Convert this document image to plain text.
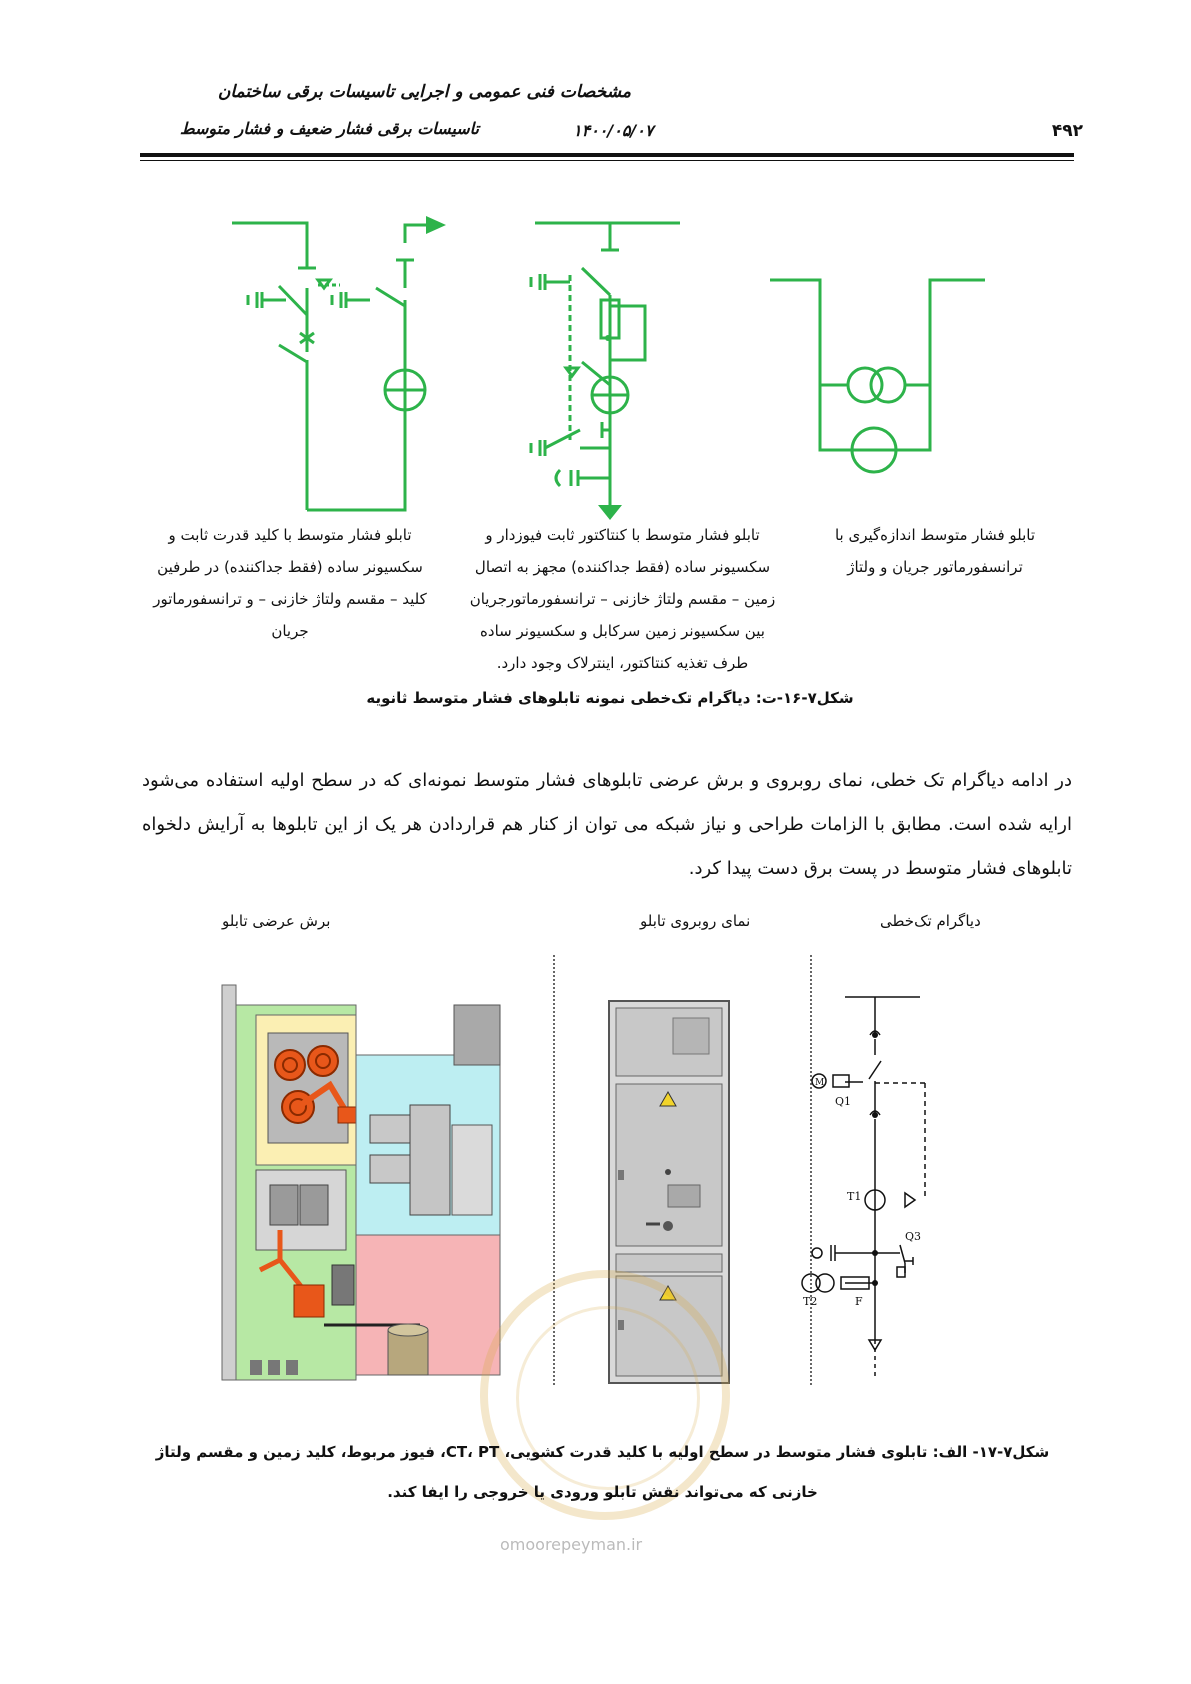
مشخصات فنی عمومی و اجرایی تاسیسات برقی ساختمان
تاسیسات برقی فشار ضعیف و فشار متوسط	۱۴۰۰/۰۵/۰۷	۴۹۲
تابلو فشار متوسط با کلید قدرت ثابت و
سکسیونر ساده (فقط جداکننده) در طرفین
کلید – مقسم ولتاژ خازنی – و ترانسفورماتور
جریان
تابلو فشار متوسط با کنتاکتور ثابت فیوزدار و
سکسیونر ساده (فقط جداکننده) مجهز به اتصال
زمین – مقسم ولتاژ خازنی – ترانسفورماتورجریان
بین سکسیونر زمین سرکابل و سکسیونر ساده
طرف تغذیه کنتاکتور، اینترلاک وجود دارد.
تابلو فشار متوسط اندازه‌گیری با
ترانسفورماتور جریان و ولتاژ
شکل۷-۱۶-ت: دیاگرام تک‌خطی نمونه تابلوهای فشار متوسط ثانویه
در ادامه دیاگرام تک خطی، نمای روبروی و برش عرضی تابلوهای فشار متوسط نمونه‌ای که در سطح اولیه استفاده می‌شود ارایه شده است. مطابق با الزامات طراحی و نیاز شبکه می توان از کنار هم قراردادن هر یک از این تابلوها به آرایش دلخواه تابلوهای فشار متوسط در پست برق دست پیدا کرد.
برش عرضی تابلو	نمای روبروی تابلو	دیاگرام تک‌خطی
M
Q1
T1
Q3
T2	F
شکل۷-۱۷- الف: تابلوی فشار متوسط در سطح اولیه با کلید قدرت کشویی، CT، PT، فیوز مربوط، کلید زمین و مقسم ولتاژ خازنی که می‌تواند نقش تابلو ورودی یا خروجی را ایفا کند.
omoorepeyman.ir
